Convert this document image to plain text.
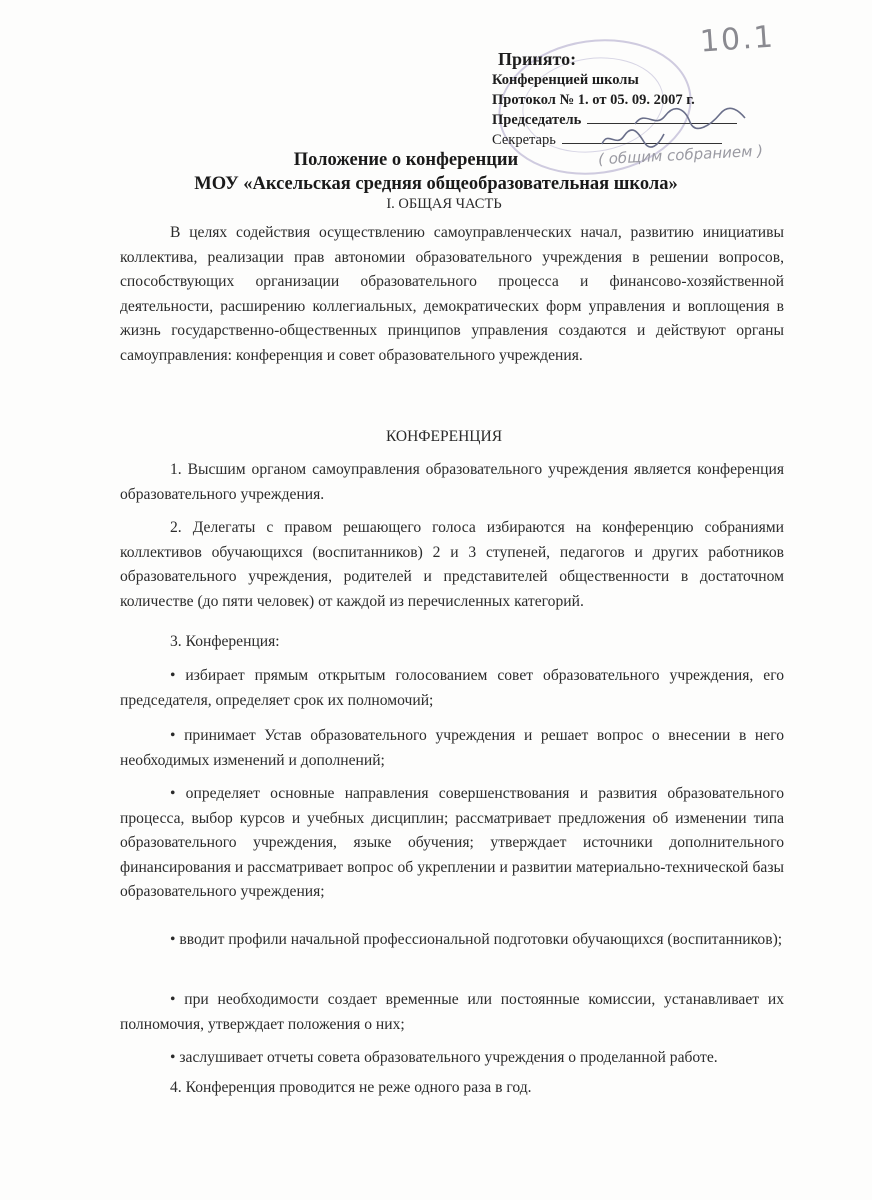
10.1
Принято:
Конференцией школы
Протокол № 1. от 05. 09. 2007 г.
Председатель
Секретарь
( общим собранием )
Положение о конференции
МОУ «Аксельская средняя общеобразовательная школа»
I. ОБЩАЯ ЧАСТЬ
В целях содействия осуществлению самоуправленческих начал, развитию инициативы коллектива, реализации прав автономии образовательного учреждения в решении вопросов, способствующих организации образовательного процесса и финансово-хозяйственной деятельности, расширению коллегиальных, демократических форм управления и воплощения в жизнь государственно-общественных принципов управления создаются и действуют органы самоуправления: конференция и совет образовательного учреждения.
КОНФЕРЕНЦИЯ
1. Высшим органом самоуправления образовательного учреждения является конференция образовательного учреждения.
2. Делегаты с правом решающего голоса избираются на конференцию собраниями коллективов обучающихся (воспитанников) 2 и 3 ступеней, педагогов и других работников образовательного учреждения, родителей и представителей общественности в достаточном количестве (до пяти человек) от каждой из перечисленных категорий.
3. Конференция:
• избирает прямым открытым голосованием совет образовательного учреждения, его председателя, определяет срок их полномочий;
• принимает Устав образовательного учреждения и решает вопрос о внесении в него необходимых изменений и дополнений;
• определяет основные направления совершенствования и развития образовательного процесса, выбор курсов и учебных дисциплин; рассматривает предложения об изменении типа образовательного учреждения, языке обучения; утверждает источники дополнительного финансирования и рассматривает вопрос об укреплении и развитии материально-технической базы образовательного учреждения;
• вводит профили начальной профессиональной подготовки обучающихся (воспитанников);
• при необходимости создает временные или постоянные комиссии, устанавливает их полномочия, утверждает положения о них;
• заслушивает отчеты совета образовательного учреждения о проделанной работе.
4. Конференция проводится не реже одного раза в год.
